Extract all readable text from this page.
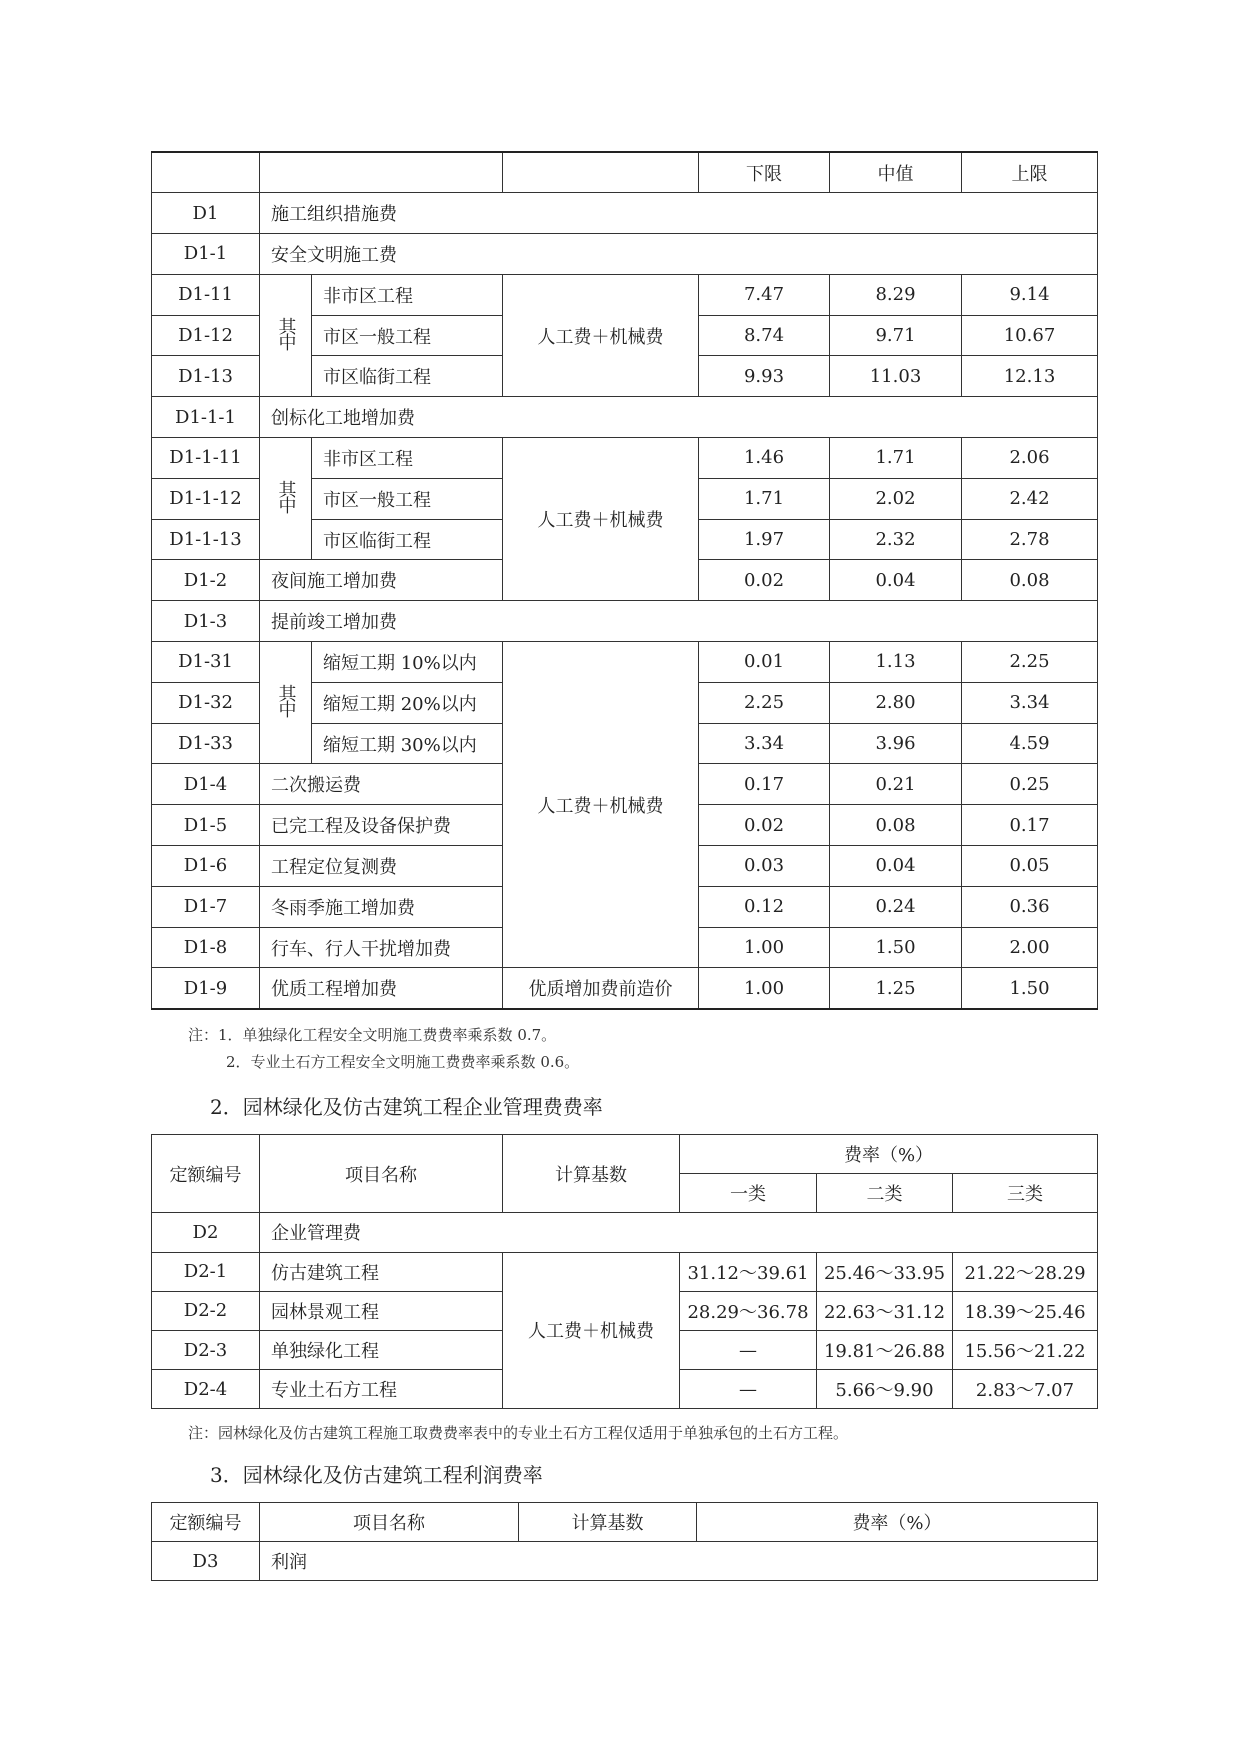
				下限	中值	上限
D1	施工组织措施费					
D1-1	安全文明施工费					
D1-11	其中	非市区工程	人工费＋机械费	7.47	8.29	9.14
D1-12		市区一般工程		8.74	9.71	10.67
D1-13		市区临街工程		9.93	11.03	12.13
D1-1-1	创标化工地增加费					
D1-1-11	其中	非市区工程	人工费＋机械费	1.46	1.71	2.06
D1-1-12		市区一般工程		1.71	2.02	2.42
D1-1-13		市区临街工程		1.97	2.32	2.78
D1-2	夜间施工增加费			0.02	0.04	0.08
D1-3	提前竣工增加费					
D1-31	其中	缩短工期 10%以内	人工费＋机械费	0.01	1.13	2.25
D1-32		缩短工期 20%以内		2.25	2.80	3.34
D1-33		缩短工期 30%以内		3.34	3.96	4.59
D1-4	二次搬运费			0.17	0.21	0.25
D1-5	已完工程及设备保护费			0.02	0.08	0.17
D1-6	工程定位复测费			0.03	0.04	0.05
D1-7	冬雨季施工增加费			0.12	0.24	0.36
D1-8	行车、行人干扰增加费			1.00	1.50	2.00
D1-9	优质工程增加费		优质增加费前造价	1.00	1.25	1.50
注：1．单独绿化工程安全文明施工费费率乘系数 0.7。
2．专业土石方工程安全文明施工费费率乘系数 0.6。
2．园林绿化及仿古建筑工程企业管理费费率
定额编号	项目名称	计算基数	费率（%）		
			一类	二类	三类
D2	企业管理费				
D2-1	仿古建筑工程	人工费＋机械费	31.12～39.61	25.46～33.95	21.22～28.29
D2-2	园林景观工程		28.29～36.78	22.63～31.12	18.39～25.46
D2-3	单独绿化工程		—	19.81～26.88	15.56～21.22
D2-4	专业土石方工程		—	5.66～9.90	2.83～7.07
注：园林绿化及仿古建筑工程施工取费费率表中的专业土石方工程仅适用于单独承包的土石方工程。
3．园林绿化及仿古建筑工程利润费率
定额编号	项目名称	计算基数	费率（%）
D3	利润		
